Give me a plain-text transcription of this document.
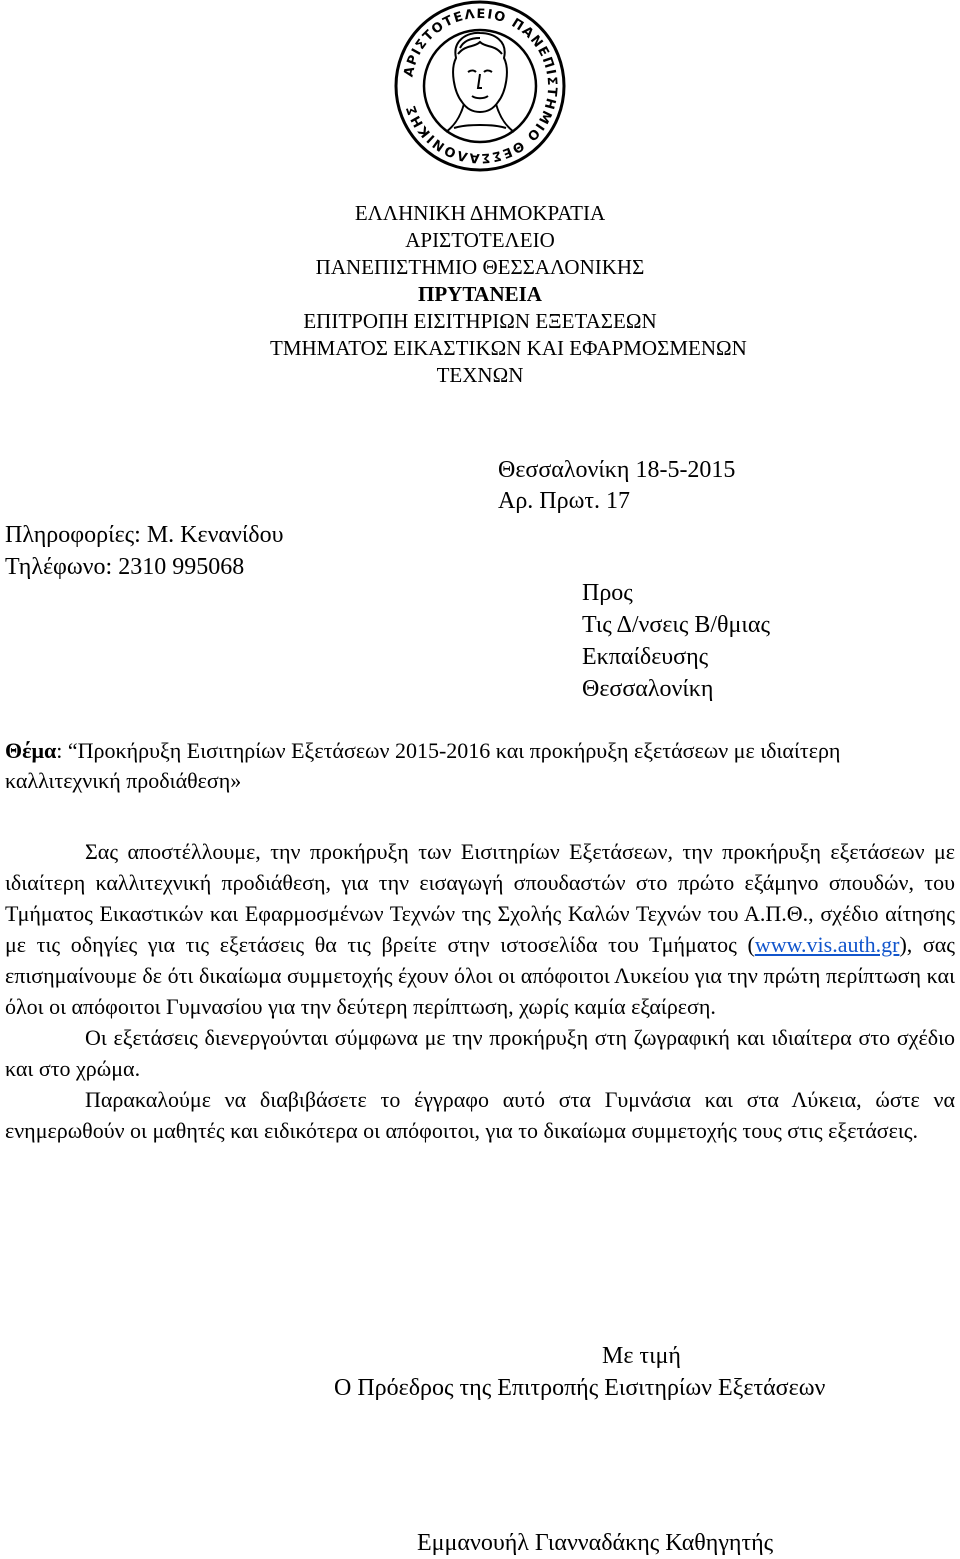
ΑΡΙΣΤΟΤΕΛΕΙΟ ΠΑΝΕΠΙΣΤΗΜΙΟ ΘΕΣΣΑΛΟΝΙΚΗΣ
ΕΛΛΗΝΙΚΗ ΔΗΜΟΚΡΑΤΙΑ
ΑΡΙΣΤΟΤΕΛΕΙΟ
ΠΑΝΕΠΙΣΤΗΜΙΟ ΘΕΣΣΑΛΟΝΙΚΗΣ
ΠΡΥΤΑΝΕΙΑ
ΕΠΙΤΡΟΠΗ ΕΙΣΙΤΗΡΙΩΝ ΕΞΕΤΑΣΕΩΝ
ΤΜΗΜΑΤΟΣ ΕΙΚΑΣΤΙΚΩΝ ΚΑΙ ΕΦΑΡΜΟΣΜΕΝΩΝ
ΤΕΧΝΩΝ
Θεσσαλονίκη 18-5-2015
Αρ. Πρωτ. 17
Πληροφορίες: Μ. Κενανίδου
Τηλέφωνο: 2310 995068
Προς
Τις Δ/νσεις Β/θμιας
Εκπαίδευσης
Θεσσαλονίκη
Θέμα: “Προκήρυξη Εισιτηρίων Εξετάσεων 2015-2016 και προκήρυξη εξετάσεων με ιδιαίτερη καλλιτεχνική προδιάθεση»

Σας αποστέλλουμε, την προκήρυξη των Εισιτηρίων Εξετάσεων, την προκήρυξη εξετάσεων με ιδιαίτερη καλλιτεχνική προδιάθεση, για την εισαγωγή σπουδαστών στο πρώτο εξάμηνο σπουδών, του Τμήματος Εικαστικών και Εφαρμοσμένων Τεχνών της Σχολής Καλών Τεχνών του Α.Π.Θ., σχέδιο αίτησης με τις οδηγίες για τις εξετάσεις θα τις βρείτε στην ιστοσελίδα του Τμήματος (www.vis.auth.gr), σας επισημαίνουμε δε ότι δικαίωμα συμμετοχής έχουν όλοι οι απόφοιτοι Λυκείου για την πρώτη περίπτωση και όλοι οι απόφοιτοι Γυμνασίου για την δεύτερη περίπτωση, χωρίς καμία εξαίρεση.

Οι εξετάσεις διενεργούνται σύμφωνα με την προκήρυξη στη ζωγραφική και ιδιαίτερα στο σχέδιο και στο χρώμα.

Παρακαλούμε να διαβιβάσετε το έγγραφο αυτό στα Γυμνάσια και στα Λύκεια, ώστε να ενημερωθούν οι μαθητές και ειδικότερα οι απόφοιτοι, για το δικαίωμα συμμετοχής τους στις εξετάσεις.

Με τιμή
Ο Πρόεδρος της Επιτροπής Εισιτηρίων Εξετάσεων
Εμμανουήλ Γιανναδάκης Καθηγητής
